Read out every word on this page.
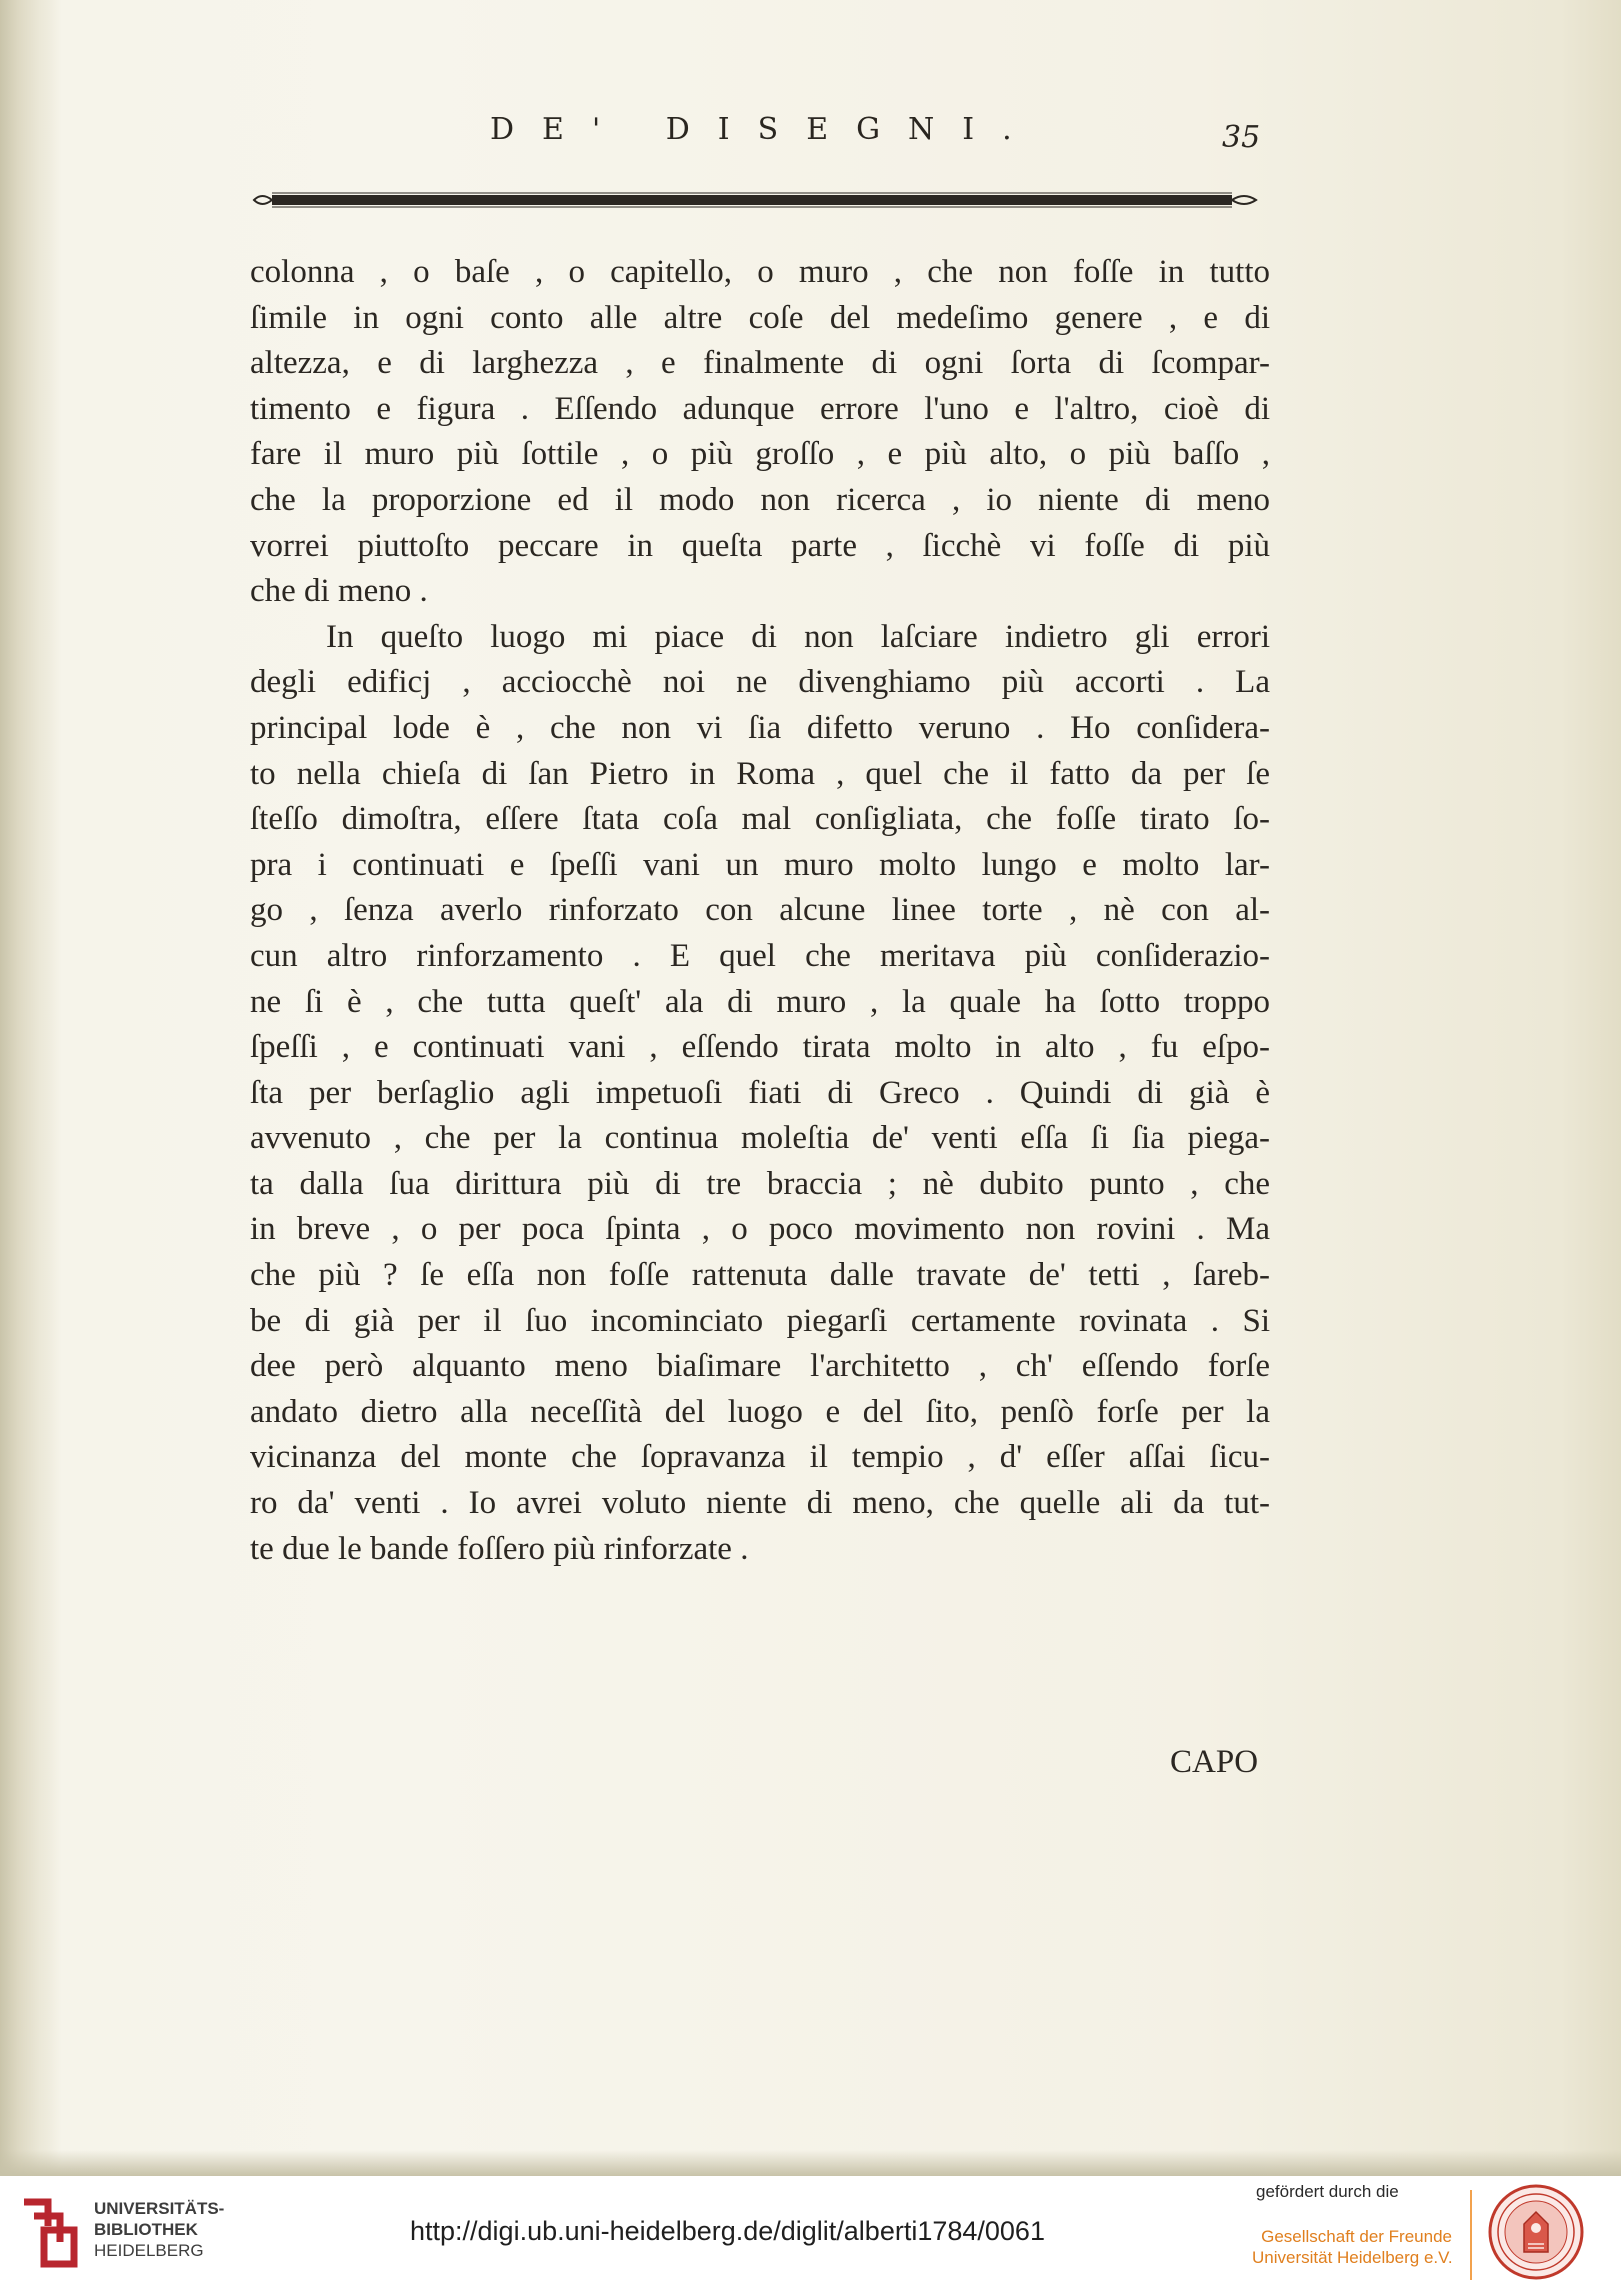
DE' DISEGNI.	35
colonna , o baſe , o capitello, o muro , che non foſſe in tutto
ſimile in ogni conto alle altre coſe del medeſimo genere , e di
altezza, e di larghezza , e finalmente di ogni ſorta di ſcompar-
timento e figura . Eſſendo adunque errore l'uno e l'altro, cioè di
fare il muro più ſottile , o più groſſo , e più alto, o più baſſo ,
che la proporzione ed il modo non ricerca , io niente di meno
vorrei piuttoſto peccare in queſta parte , ſicchè vi foſſe di più
che di meno .
In queſto luogo mi piace di non laſciare indietro gli errori
degli edificj , acciocchè noi ne divenghiamo più accorti . La
principal lode è , che non vi ſia difetto veruno . Ho conſidera-
to nella chieſa di ſan Pietro in Roma , quel che il fatto da per ſe
ſteſſo dimoſtra, eſſere ſtata coſa mal conſigliata, che foſſe tirato ſo-
pra i continuati e ſpeſſi vani un muro molto lungo e molto lar-
go , ſenza averlo rinforzato con alcune linee torte , nè con al-
cun altro rinforzamento . E quel che meritava più conſiderazio-
ne ſi è , che tutta queſt' ala di muro , la quale ha ſotto troppo
ſpeſſi , e continuati vani , eſſendo tirata molto in alto , fu eſpo-
ſta per berſaglio agli impetuoſi fiati di Greco . Quindi di già è
avvenuto , che per la continua moleſtia de' venti eſſa ſi ſia piega-
ta dalla ſua dirittura più di tre braccia ; nè dubito punto , che
in breve , o per poca ſpinta , o poco movimento non rovini . Ma
che più ? ſe eſſa non foſſe rattenuta dalle travate de' tetti , ſareb-
be di già per il ſuo incominciato piegarſi certamente rovinata . Si
dee però alquanto meno biaſimare l'architetto , ch' eſſendo forſe
andato dietro alla neceſſità del luogo e del ſito, penſò forſe per la
vicinanza del monte che ſopravanza il tempio , d' eſſer aſſai ſicu-
ro da' venti . Io avrei voluto niente di meno, che quelle ali da tut-
te due le bande foſſero più rinforzate .
CAPO
UNIVERSITÄTS-
BIBLIOTHEK
HEIDELBERG
http://digi.ub.uni-heidelberg.de/diglit/alberti1784/0061
gefördert durch die
Gesellschaft der Freunde
Universität Heidelberg e.V.
